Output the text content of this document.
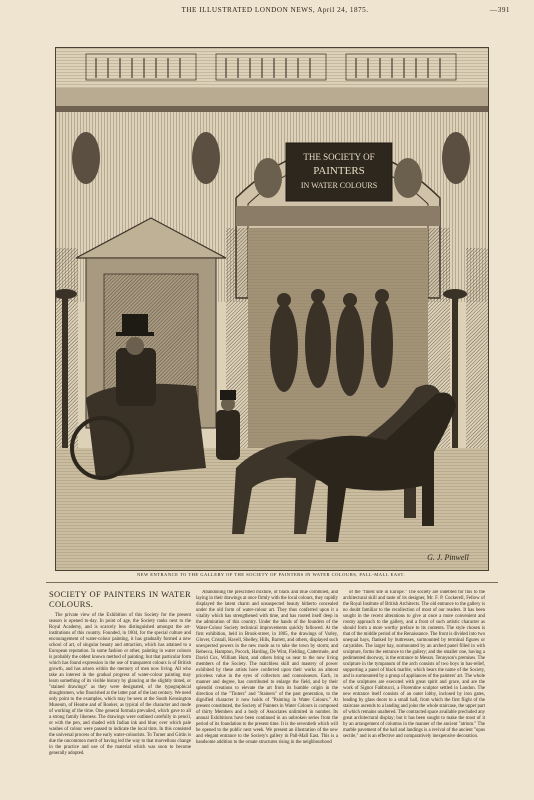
THE ILLUSTRATED LONDON NEWS, April 24, 1875.	—391
THE SOCIETY OF
PAINTERS
IN WATER COLOURS
G. J. Pinwell
NEW ENTRANCE TO THE GALLERY OF THE SOCIETY OF PAINTERS IN WATER COLOURS, PALL-MALL EAST.
SOCIETY OF PAINTERS IN WATER COLOURS.

The private view of the Exhibition of this Society for the present season is opened to-day. In point of age, the Society ranks next to the Royal Academy, and is scarcely less distinguished amongst the art-institutions of this country. Founded, in 1804, for the special culture and encouragement of water-colour painting, it has gradually formed a new school of art, of singular beauty and attraction, which has attained to a European reputation. In some fashion or other, painting in water colours is probably the oldest known method of painting; but that particular form which has found expression in the use of transparent colours is of British growth, and has arisen within the memory of men now living. All who take an interest in the gradual progress of water-colour painting may learn something of its visible history by glancing at the slightly tinted, or "stained drawings" as they were designated, of the typographical draughtsmen, who flourished at the latter part of the last century. We need only point to the examples, which may be seen at the South Kensington Museum, of Hearne and of Rooker, as typical of the character and mode of working of the time. One general formula prevailed, which gave to all a strong family likeness. The drawings were outlined carefully in pencil, or with the pen, and shaded with Indian ink and blue; over which pale washes of colour were passed to indicate the local tints. In this consisted the universal process of the early water-colourists. To Turner and Girtin is due the uncommon merit of having led the way to that marvellous change in the practice and use of the material which was soon to become generally adopted.

Abandoning the prescribed mixture, of black and blue combined, and laying in their drawings at once firmly with the local colours, they rapidly displayed the latent charm and unsuspected beauty hitherto concealed under the old form of water-colour art. They thus conferred upon it a vitality which has strengthened with time, and has rooted itself deep in the admiration of this country. Under the hands of the founders of the Water-Colour Society technical improvements quickly followed. At the first exhibition, held in Brook-street, in 1805, the drawings of Varley, Glover, Cristall, Havell, Shelley, Hills, Barrett, and others, displayed such unexpected powers in the new mode as to take the town by storm; and Rebecca, Hampton, Pocock, Harding, De Wint, Fielding, Cattermole, and David Cox, William Hunt, and others bring us near to the now living members of the Society. The matchless skill and mastery of power exhibited by these artists have conferred upon their works an almost priceless value in the eyes of collectors and connoisseurs. Each, in manner and degree, has contributed to enlarge the field, and by their splendid creations to elevate the art from its humble origin in the direction of the "Tinters" and "Stainers" of the past generation, to the dignified character it now holds of "Painting in Water Colours." At present constituted, the Society of Painters in Water Colours is composed of thirty Members and a body of Associates unlimited in number. Its annual Exhibitions have been continued in an unbroken series from the period of its foundation to the present time. It is the seventieth which will be opened to the public next week. We present an illustration of the new and elegant entrance to the Society's gallery in Pall-Mall East. This is a handsome addition to the ornate structures rising in the neighbourhood

of the "finest site in Europe." The society are indebted for this to the architectural skill and taste of its designer, Mr. F. P. Cockerell, Fellow of the Royal Institute of British Architects. The old entrance to the gallery is no doubt familiar to the recollection of most of our readers. It has been sought in the recent alterations to give at once a more convenient and roomy approach to the gallery, and a front of such artistic character as should form a more worthy preface to its contents. The style chosen is that of the middle period of the Renaissance. The front is divided into two unequal bays, flanked by buttresses, surmounted by terminal figures or caryatides. The larger bay, surmounted by an arched panel filled in with sculpture, forms the entrance to the gallery; and the smaller one, having a pedimented doorway, is the entrance to Messrs. Tennyson's premises. The sculpture in the tympanum of the arch consists of two boys in bas-relief, supporting a panel of black marble, which bears the name of the Society, and is surmounted by a group of appliances of the painters' art. The whole of the sculptures are executed with great spirit and grace, and are the work of Signor Fabbrucci, a Florentine sculptor settled in London. The new entrance itself consists of an outer lobby, inclosed by iron gates, leading by glass doors to a small hall, from which the first flight of the staircase ascends to a landing and joins the whole staircase, the upper part of which remains unaltered. The contracted space available precluded any great architectural display; but it has been sought to make the most of it by an arrangement of columns in the manner of the ancient "atrium." The marble pavement of the hall and landings is a revival of the ancient "opus sectile," and is an effective and comparatively inexpensive decoration.
